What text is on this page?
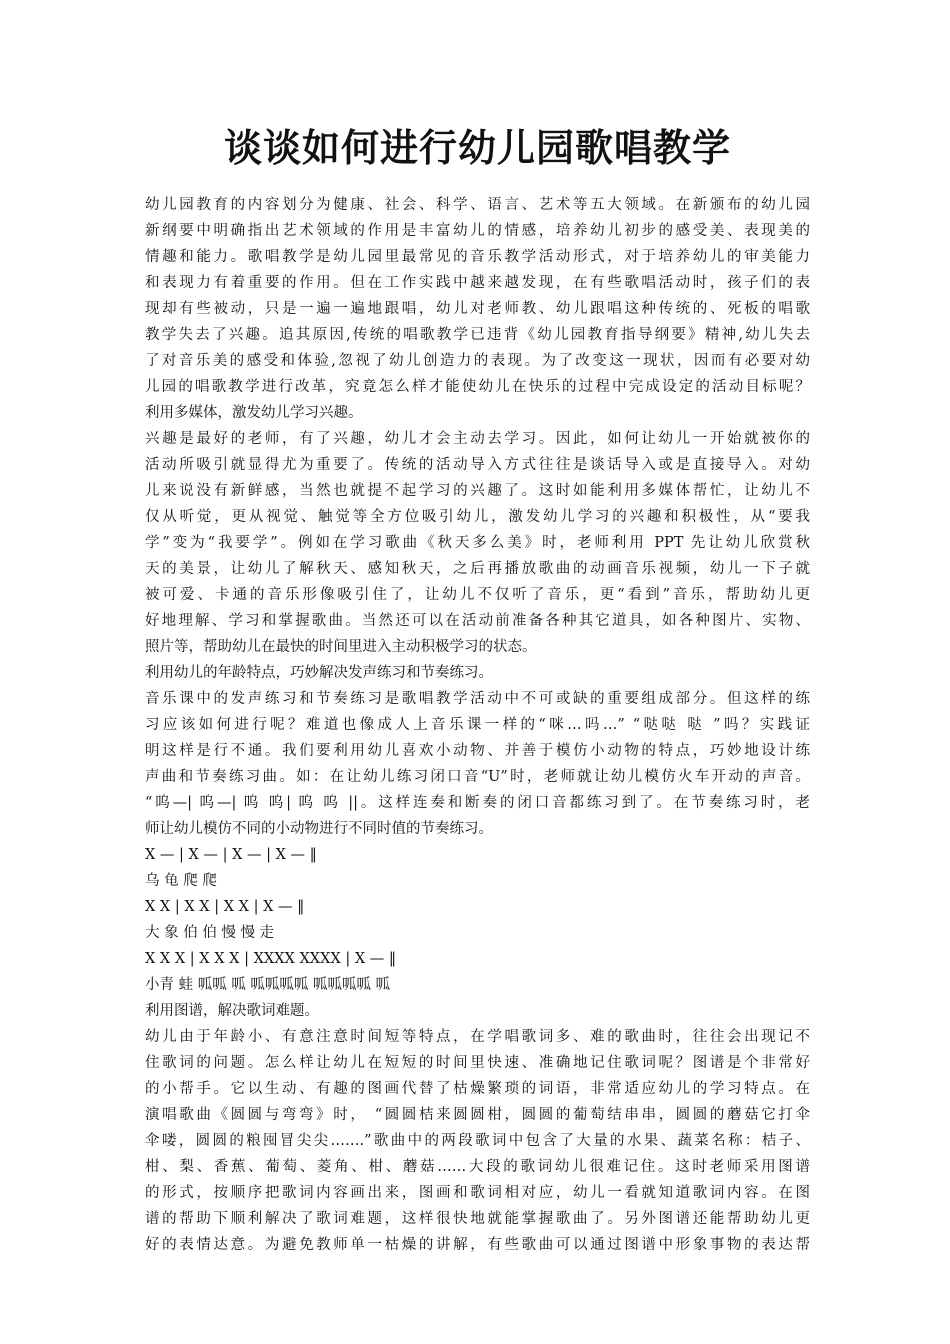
谈谈如何进行幼儿园歌唱教学
幼儿园教育的内容划分为健康、社会、科学、语言、艺术等五大领域。在新颁布的幼儿园
新纲要中明确指出艺术领域的作用是丰富幼儿的情感，培养幼儿初步的感受美、表现美的
情趣和能力。歌唱教学是幼儿园里最常见的音乐教学活动形式，对于培养幼儿的审美能力
和表现力有着重要的作用。但在工作实践中越来越发现，在有些歌唱活动时，孩子们的表
现却有些被动，只是一遍一遍地跟唱，幼儿对老师教、幼儿跟唱这种传统的、死板的唱歌
教学失去了兴趣。追其原因,传统的唱歌教学已违背《幼儿园教育指导纲要》精神,幼儿失去
了对音乐美的感受和体验,忽视了幼儿创造力的表现。为了改变这一现状，因而有必要对幼
儿园的唱歌教学进行改革，究竟怎么样才能使幼儿在快乐的过程中完成设定的活动目标呢？
利用多媒体，激发幼儿学习兴趣。
兴趣是最好的老师，有了兴趣，幼儿才会主动去学习。因此，如何让幼儿一开始就被你的
活动所吸引就显得尤为重要了。传统的活动导入方式往往是谈话导入或是直接导入。对幼
儿来说没有新鲜感，当然也就提不起学习的兴趣了。这时如能利用多媒体帮忙，让幼儿不
仅从听觉，更从视觉、触觉等全方位吸引幼儿，激发幼儿学习的兴趣和积极性，从“要我
学”变为“我要学”。例如在学习歌曲《秋天多么美》时，老师利用 PPT 先让幼儿欣赏秋
天的美景，让幼儿了解秋天、感知秋天，之后再播放歌曲的动画音乐视频，幼儿一下子就
被可爱、卡通的音乐形像吸引住了，让幼儿不仅听了音乐，更“看到”音乐，帮助幼儿更
好地理解、学习和掌握歌曲。当然还可以在活动前准备各种其它道具，如各种图片、实物、
照片等，帮助幼儿在最快的时间里进入主动积极学习的状态。
利用幼儿的年龄特点，巧妙解决发声练习和节奏练习。
音乐课中的发声练习和节奏练习是歌唱教学活动中不可或缺的重要组成部分。但这样的练
习应该如何进行呢？难道也像成人上音乐课一样的“咪…吗…” “哒哒 哒 ”吗？实践证
明这样是行不通。我们要利用幼儿喜欢小动物、并善于模仿小动物的特点，巧妙地设计练
声曲和节奏练习曲。如：在让幼儿练习闭口音“U”时，老师就让幼儿模仿火车开动的声音。
“呜—| 呜—| 呜 呜| 呜 呜 ||。这样连奏和断奏的闭口音都练习到了。在节奏练习时，老
师让幼儿模仿不同的小动物进行不同时值的节奏练习。
X — | X — | X — | X — ‖
乌 龟 爬 爬
X X | X X | X X | X — ‖
大 象 伯 伯 慢 慢 走
X X X | X X X | XXXX XXXX | X — ‖
小青 蛙 呱呱 呱 呱呱呱呱 呱呱呱呱 呱
利用图谱，解决歌词难题。
幼儿由于年龄小、有意注意时间短等特点，在学唱歌词多、难的歌曲时，往往会出现记不
住歌词的问题。怎么样让幼儿在短短的时间里快速、准确地记住歌词呢？图谱是个非常好
的小帮手。它以生动、有趣的图画代替了枯燥繁琐的词语，非常适应幼儿的学习特点。在
演唱歌曲《圆圆与弯弯》时， “圆圆桔来圆圆柑，圆圆的葡萄结串串，圆圆的蘑菇它打伞
伞喽，圆圆的粮囤冒尖尖…….”歌曲中的两段歌词中包含了大量的水果、蔬菜名称：桔子、
柑、梨、香蕉、葡萄、菱角、柑、蘑菇……大段的歌词幼儿很难记住。这时老师采用图谱
的形式，按顺序把歌词内容画出来，图画和歌词相对应，幼儿一看就知道歌词内容。在图
谱的帮助下顺利解决了歌词难题，这样很快地就能掌握歌曲了。另外图谱还能帮助幼儿更
好的表情达意。为避免教师单一枯燥的讲解，有些歌曲可以通过图谱中形象事物的表达帮
